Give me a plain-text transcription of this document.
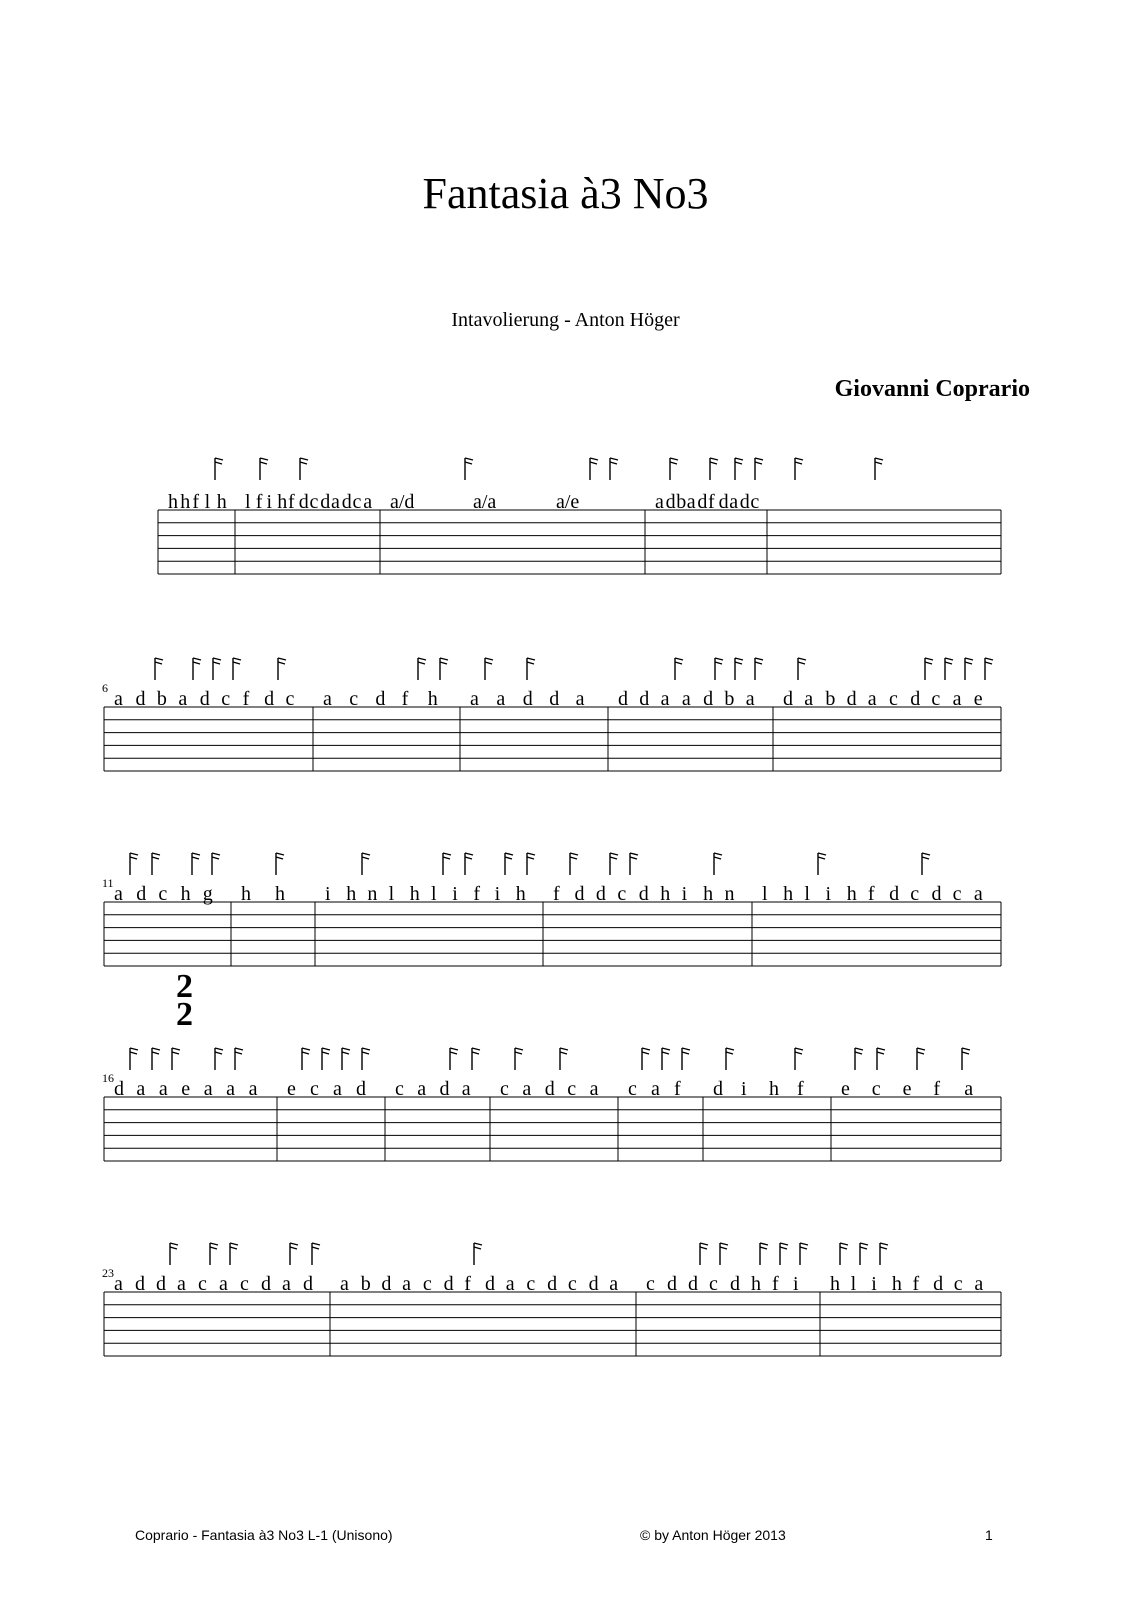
Fantasia à3 No3
Intavolierung - Anton Höger
Giovanni Coprario
h h f l h l f i h f d c d a d c a a/d	a/a	a/e	a d b a d f d a d c
2
2
a d b a d c f d c a c d f h a a d d a d d a a d b a d a b d a c d c a e
6
a d c h g h h i h n l h l i f i h f d d c d h i h n l h l i h f d c d c a
11
d a a e a a a e c a d c a d a c a d c a c a f d i h f e c e f a
16
a d d a c a c d a d a b d a c d f d a c d c d a c d d c d h f i h l i h f d c a
23
Coprario - Fantasia à3 No3 L-1 (Unisono)	© by Anton Höger 2013	1
